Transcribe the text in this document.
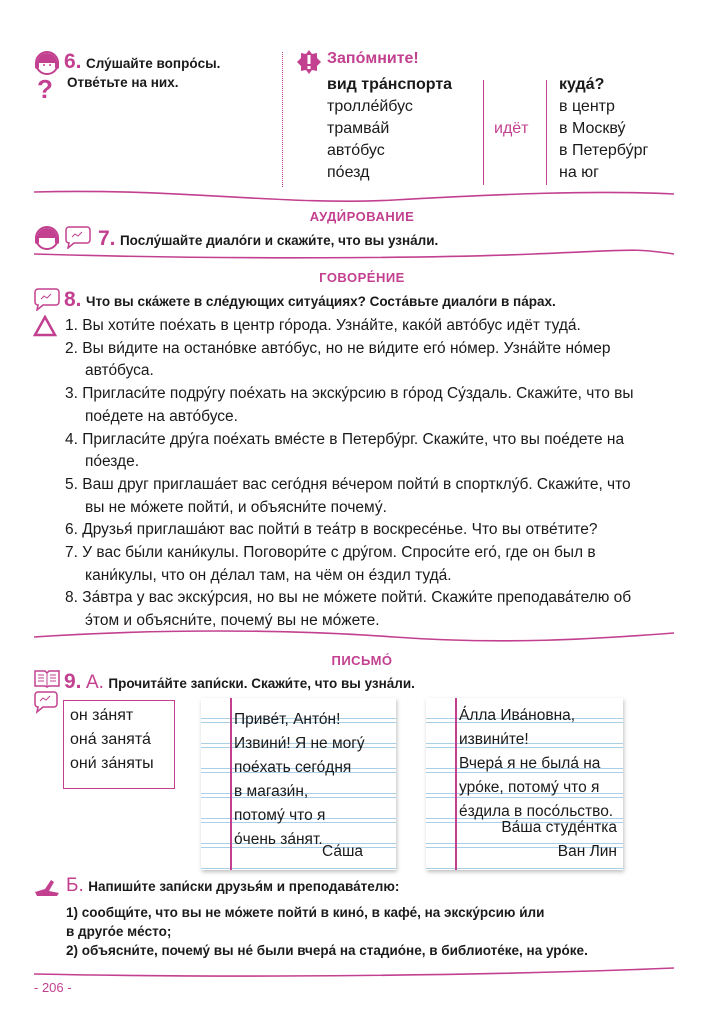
?
6. Слу́шайте вопро́сы.
Отве́тьте на них.
Запо́мните!
вид тра́нспорта
тролле́йбус
трамва́й
авто́бус
по́езд
идёт
куда́?
в центр
в Москву́
в Петербу́рг
на юг
АУДИ́РОВАНИЕ
7. Послу́шайте диало́ги и скажи́те, что вы узна́ли.
ГОВОРЕ́НИЕ
8. Что вы ска́жете в сле́дующих ситуа́циях? Соста́вьте диало́ги в па́рах.
1. Вы хоти́те пое́хать в центр го́рода. Узна́йте, како́й авто́бус идёт туда́.
2. Вы ви́дите на остано́вке авто́бус, но не ви́дите его́ но́мер. Узна́йте но́мер авто́буса.
3. Пригласи́те подру́гу пое́хать на экску́рсию в го́род Су́здаль. Скажи́те, что вы пое́дете на авто́бусе.
4. Пригласи́те дру́га пое́хать вме́сте в Петербу́рг. Скажи́те, что вы пое́дете на по́езде.
5. Ваш друг приглаша́ет вас сего́дня ве́чером пойти́ в спортклу́б. Скажи́те, что вы не мо́жете пойти́, и объясни́те почему́.
6. Друзья́ приглаша́ют вас пойти́ в теа́тр в воскресе́нье. Что вы отве́тите?
7. У вас бы́ли кани́кулы. Поговори́те с дру́гом. Спроси́те его́, где он был в кани́кулы, что он де́лал там, на чём он е́здил туда́.
8. За́втра у вас экску́рсия, но вы не мо́жете пойти́. Скажи́те преподава́телю об э́том и объясни́те, почему́ вы не мо́жете.
ПИСЬМО́
9. А. Прочита́йте запи́ски. Скажи́те, что вы узна́ли.
он за́нят
она́ занята́
они́ за́няты
Приве́т, Анто́н!
Извини́! Я не могу́
пое́хать сего́дня
в магази́н,
потому́ что я
о́чень за́нят.
Са́ша
А́лла Ива́новна,
извини́те!
Вчера́ я не была́ на
уро́ке, потому́ что я
е́здила в посо́льство.
Ва́ша студе́нтка
Ван Лин
Б. Напиши́те запи́ски друзья́м и преподава́телю:
1) сообщи́те, что вы не мо́жете пойти́ в кино́, в кафе́, на экску́рсию и́ли
в друго́е ме́сто;
2) объясни́те, почему́ вы не́ были вчера́ на стадио́не, в библиоте́ке, на уро́ке.
- 206 -
